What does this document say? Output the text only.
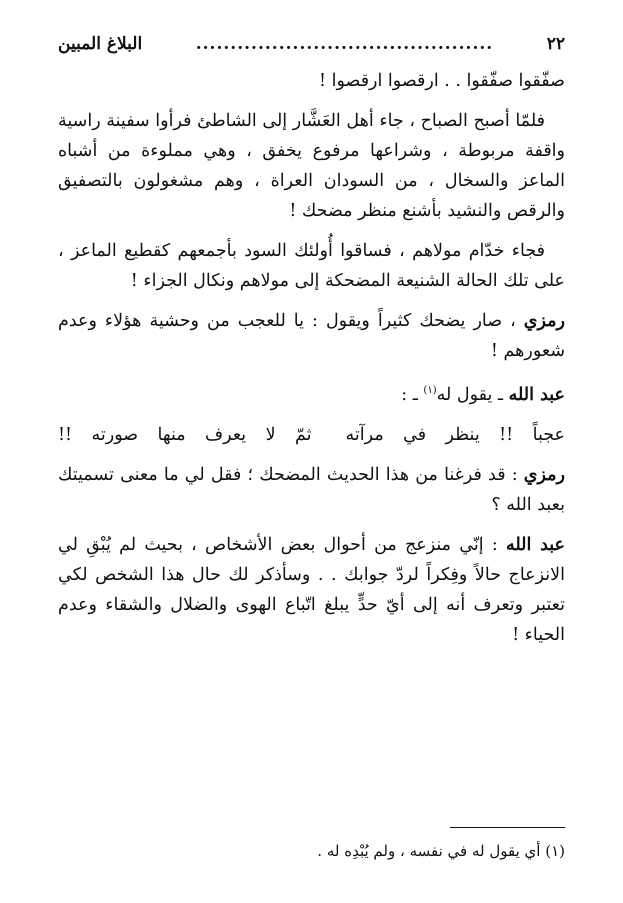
٢٢
...........................................
البلاغ المبين

صفّقوا صفّقوا . . ارقصوا ارقصوا !

فلمّا أصبح الصباح ، جاء أهل العَشَّار إلى الشاطئ فرأوا سفينة راسية واقفة مربوطة ، وشراعها مرفوع يخفق ، وهي مملوءة من أشباه الماعز والسخال ، من السودان العراة ، وهم مشغولون بالتصفيق والرقص والنشيد بأشنع منظر مضحك !

فجاء خدّام مولاهم ، فساقوا أُولئك السود بأجمعهم كقطيع الماعز ، على تلك الحالة الشنيعة المضحكة إلى مولاهم ونكال الجزاء !

رمزي ، صار يضحك كثيراً ويقول : يا للعجب من وحشية هؤلاء وعدم شعورهم !

عبد الله ـ يقول له$^{(١)}$ ـ :

عجباً !! ينظر في مرآتهثمّ لا يعرف منها صورته !!

رمزي : قد فرغنا من هذا الحديث المضحك ؛ فقل لي ما معنى تسميتك بعبد الله ؟

عبد الله : إنّي منزعج من أحوال بعض الأشخاص ، بحيث لم يُبْقِ لي الانزعاج حالاً وفِكراً لردّ جوابك . . وسأذكر لك حال هذا الشخص لكي تعتبر وتعرف أنه إلى أيّ حدٍّ يبلغ اتّباع الهوى والضلال والشقاء وعدم الحياء !

(١) أي يقول له في نفسه ، ولم يُبْدِه له .
